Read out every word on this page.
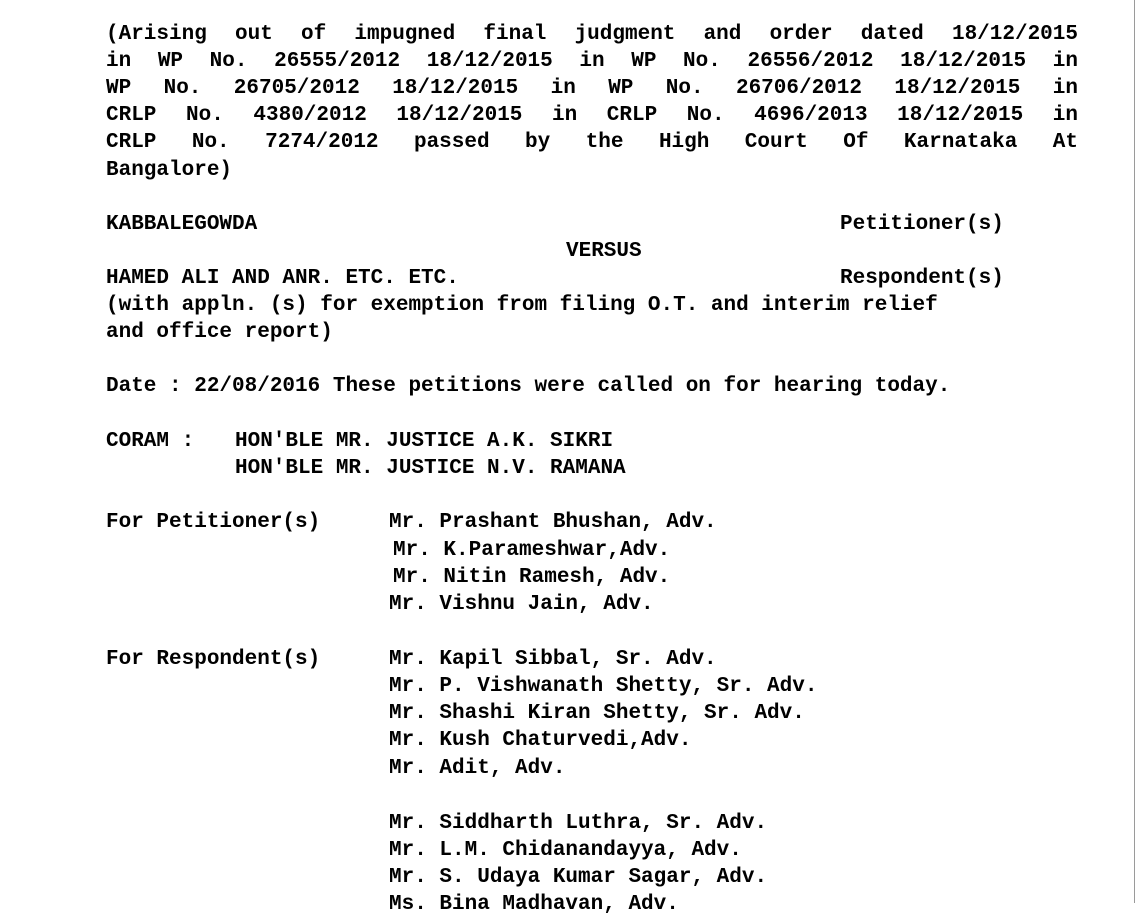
(Arising out of impugned final judgment and order dated 18/12/2015
in WP No. 26555/2012 18/12/2015 in WP No. 26556/2012 18/12/2015 in
WP No. 26705/2012 18/12/2015 in WP No. 26706/2012 18/12/2015 in
CRLP No. 4380/2012 18/12/2015 in CRLP No. 4696/2013 18/12/2015 in
CRLP No. 7274/2012 passed by the High Court Of Karnataka At
Bangalore)
KABBALEGOWDA	Petitioner(s)
VERSUS
HAMED ALI AND ANR. ETC. ETC.	Respondent(s)
(with appln. (s) for exemption from filing O.T. and interim relief
and office report)
Date : 22/08/2016 These petitions were called on for hearing today.
CORAM : HON'BLE MR. JUSTICE A.K. SIKRI
HON'BLE MR. JUSTICE N.V. RAMANA
For Petitioner(s)	Mr. Prashant Bhushan, Adv.
Mr. K.Parameshwar,Adv.
Mr. Nitin Ramesh, Adv.
Mr. Vishnu Jain, Adv.
For Respondent(s)	Mr. Kapil Sibbal, Sr. Adv.
Mr. P. Vishwanath Shetty, Sr. Adv.
Mr. Shashi Kiran Shetty, Sr. Adv.
Mr. Kush Chaturvedi,Adv.
Mr. Adit, Adv.
Mr. Siddharth Luthra, Sr. Adv.
Mr. L.M. Chidanandayya, Adv.
Mr. S. Udaya Kumar Sagar, Adv.
Ms. Bina Madhavan, Adv.
